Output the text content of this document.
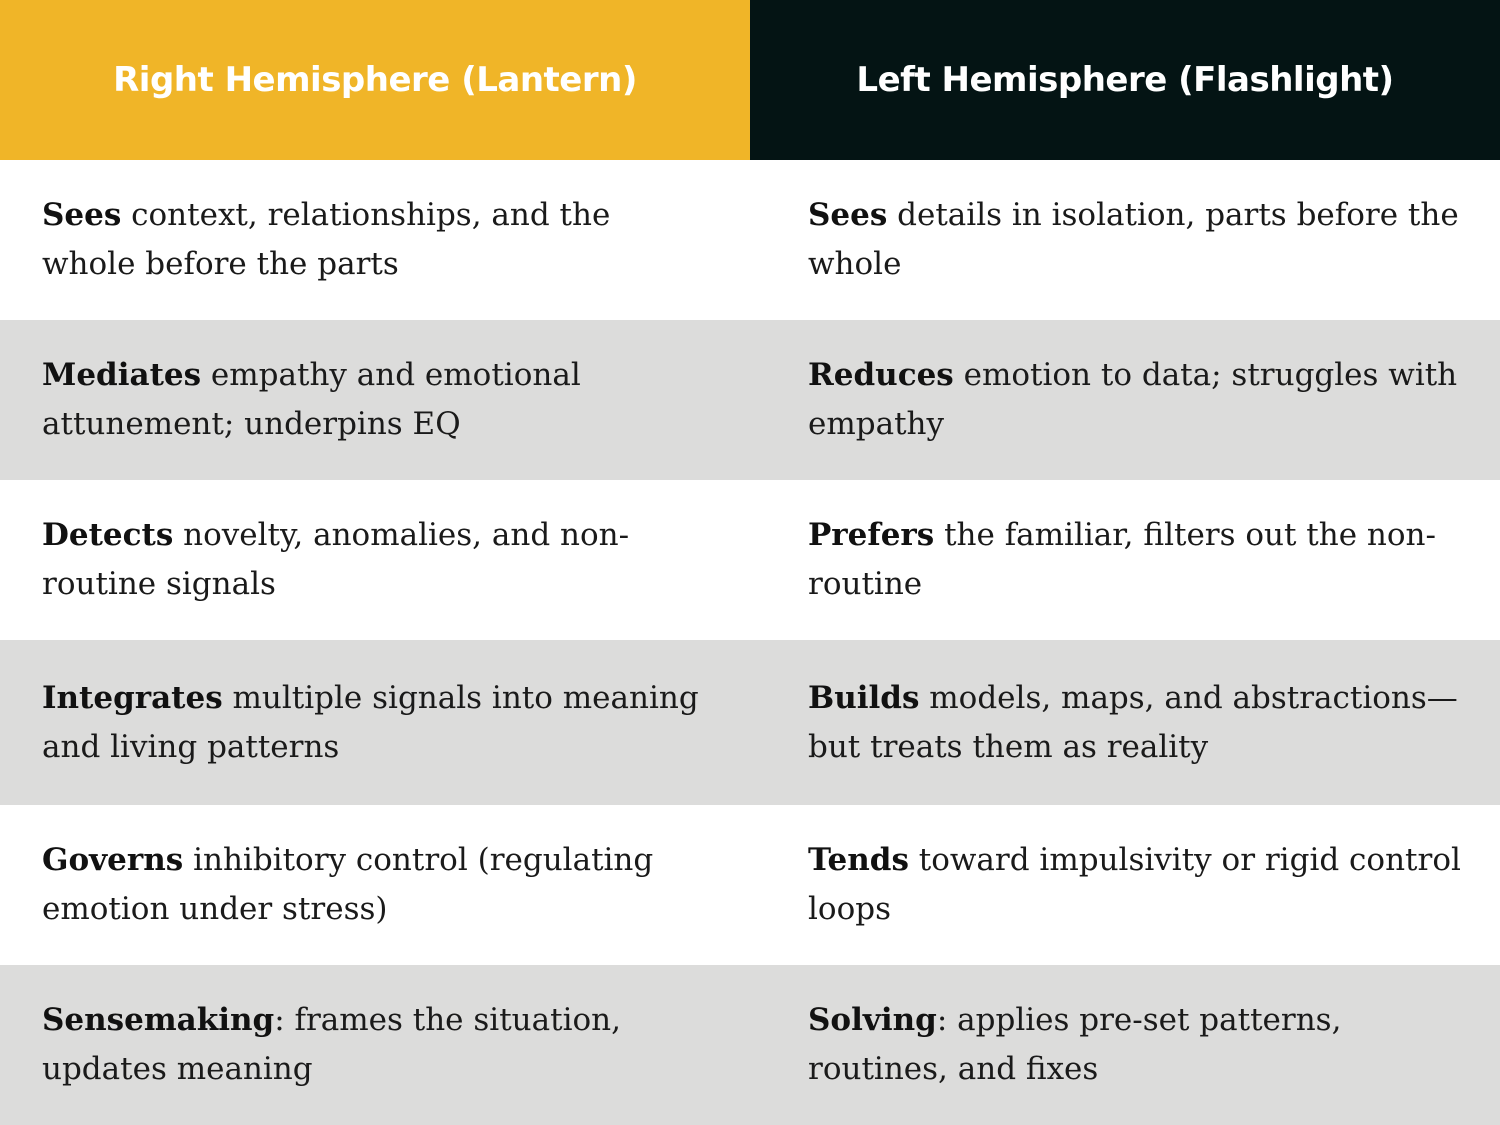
Right Hemisphere (Lantern)	Left Hemisphere (Flashlight)

Sees context, relationships, and the whole before the parts

Sees details in isolation, parts before the whole

Mediates empathy and emotional attunement; underpins EQ

Reduces emotion to data; struggles with empathy

Detects novelty, anomalies, and non-routine signals

Prefers the familiar, filters out the non-routine

Integrates multiple signals into meaning and living patterns

Builds models, maps, and abstractions—but treats them as reality

Governs inhibitory control (regulating emotion under stress)

Tends toward impulsivity or rigid control loops

Sensemaking: frames the situation, updates meaning

Solving: applies pre-set patterns, routines, and fixes
